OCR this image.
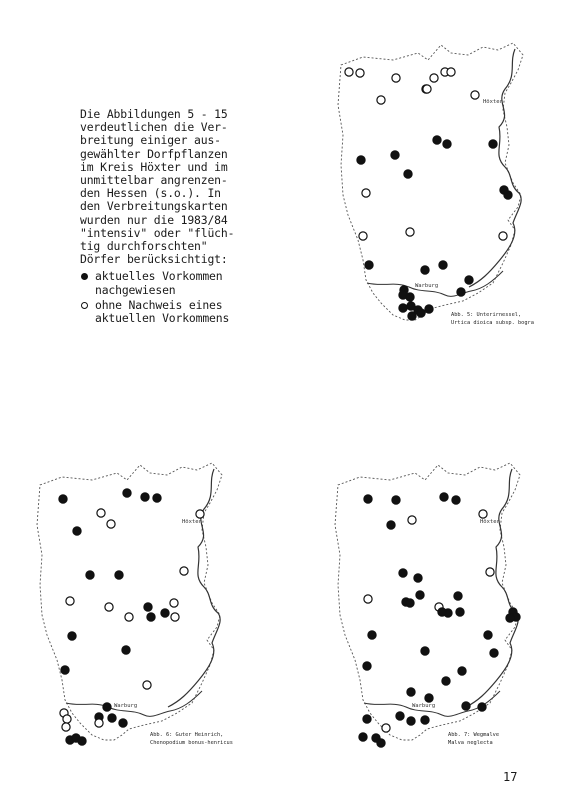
Die Abbildungen 5 - 15
verdeutlichen die Ver-
breitung einiger aus-
gewählter Dorfpflanzen
im Kreis Höxter und im
unmittelbar angrenzen-
den Hessen (s.o.). In
den Verbreitungskarten
wurden nur die 1983/84
"intensiv" oder "flüch-
tig durchforschten"
Dörfer berücksichtigt:
aktuelles Vorkommen
nachgewiesen
ohne Nachweis eines
aktuellen Vorkommens
Höxter
Warburg
Abb. 5: Unterirnessel,
Urtica dioica subsp. bogra
Höxter
Warburg
Abb. 6: Guter Heinrich,
Chenopodium bonus-henricus
Höxter
Warburg
Abb. 7: Wegmalve
Malva neglecta
17
